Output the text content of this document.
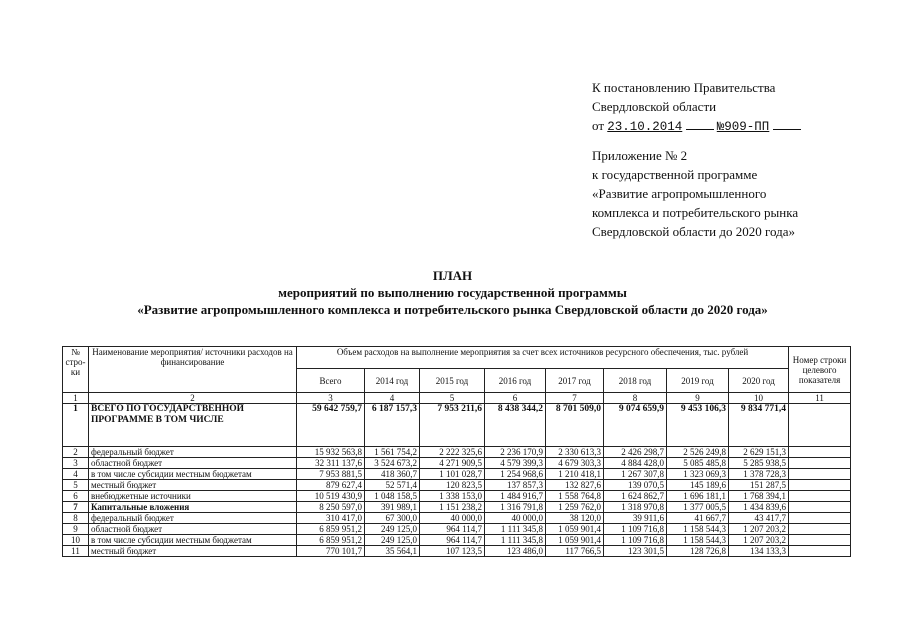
К постановлению Правительства
Свердловской области
от 23.10.2014	№909-ПП
Приложение № 2
к государственной программе
«Развитие агропромышленного
комплекса и потребительского рынка
Свердловской области до 2020 года»
ПЛАН
мероприятий по выполнению государственной программы
«Развитие агропромышленного комплекса и потребительского рынка Свердловской области до 2020 года»
№ стро-ки	Наименование мероприятия/ источники расходов на финансирование	Объем расходов на выполнение мероприятия за счет всех источников ресурсного обеспечения, тыс. рублей								Номер строки целевого показателя
		Всего	2014 год	2015 год	2016 год	2017 год	2018 год	2019 год	2020 год	
1	2	3	4	5	6	7	8	9	10	11
1	ВСЕГО ПО ГОСУДАРСТВЕННОЙ ПРОГРАММЕ В ТОМ ЧИСЛЕ	59 642 759,7	6 187 157,3	7 953 211,6	8 438 344,2	8 701 509,0	9 074 659,9	9 453 106,3	9 834 771,4	
2	федеральный бюджет	15 932 563,8	1 561 754,2	2 222 325,6	2 236 170,9	2 330 613,3	2 426 298,7	2 526 249,8	2 629 151,3	
3	областной бюджет	32 311 137,6	3 524 673,2	4 271 909,5	4 579 399,3	4 679 303,3	4 884 428,0	5 085 485,8	5 285 938,5	
4	в том числе субсидии местным бюджетам	7 953 881,5	418 360,7	1 101 028,7	1 254 968,6	1 210 418,1	1 267 307,8	1 323 069,3	1 378 728,3	
5	местный бюджет	879 627,4	52 571,4	120 823,5	137 857,3	132 827,6	139 070,5	145 189,6	151 287,5	
6	внебюджетные источники	10 519 430,9	1 048 158,5	1 338 153,0	1 484 916,7	1 558 764,8	1 624 862,7	1 696 181,1	1 768 394,1	
7	Капитальные вложения	8 250 597,0	391 989,1	1 151 238,2	1 316 791,8	1 259 762,0	1 318 970,8	1 377 005,5	1 434 839,6	
8	федеральный бюджет	310 417,0	67 300,0	40 000,0	40 000,0	38 120,0	39 911,6	41 667,7	43 417,7	
9	областной бюджет	6 859 951,2	249 125,0	964 114,7	1 111 345,8	1 059 901,4	1 109 716,8	1 158 544,3	1 207 203,2	
10	в том числе субсидии местным бюджетам	6 859 951,2	249 125,0	964 114,7	1 111 345,8	1 059 901,4	1 109 716,8	1 158 544,3	1 207 203,2	
11	местный бюджет	770 101,7	35 564,1	107 123,5	123 486,0	117 766,5	123 301,5	128 726,8	134 133,3	
